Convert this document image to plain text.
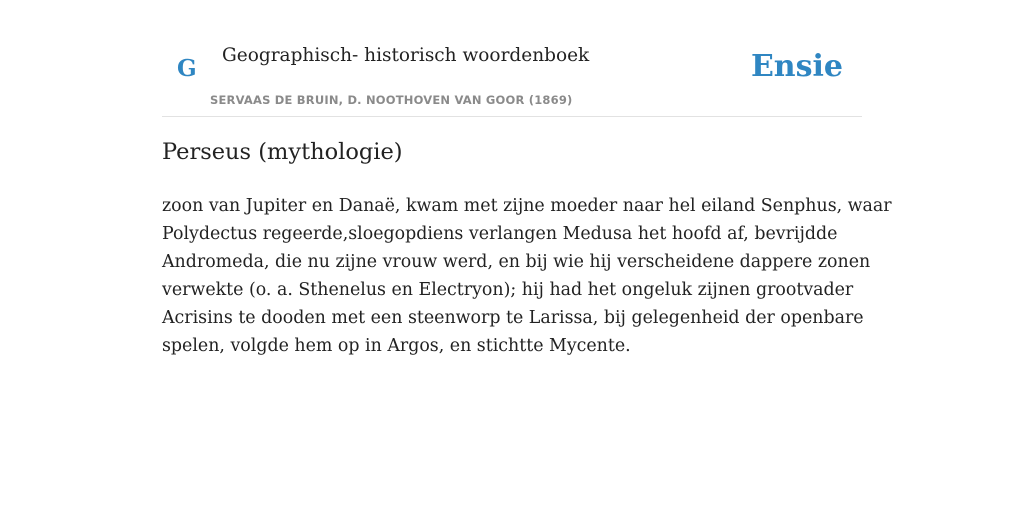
G Geographisch- historisch woordenboek
SERVAAS DE BRUIN, D. NOOTHOVEN VAN GOOR (1869)
Ensie
Perseus (mythologie)

zoon van Jupiter en Danaë, kwam met zijne moeder naar hel eiland Senphus, waar
Polydectus regeerde,sloegopdiens verlangen Medusa het hoofd af, bevrijdde
Andromeda, die nu zijne vrouw werd, en bij wie hij verscheidene dappere zonen
verwekte (o. a. Sthenelus en Electryon); hij had het ongeluk zijnen grootvader
Acrisins te dooden met een steenworp te Larissa, bij gelegenheid der openbare
spelen, volgde hem op in Argos, en stichtte Mycente.
